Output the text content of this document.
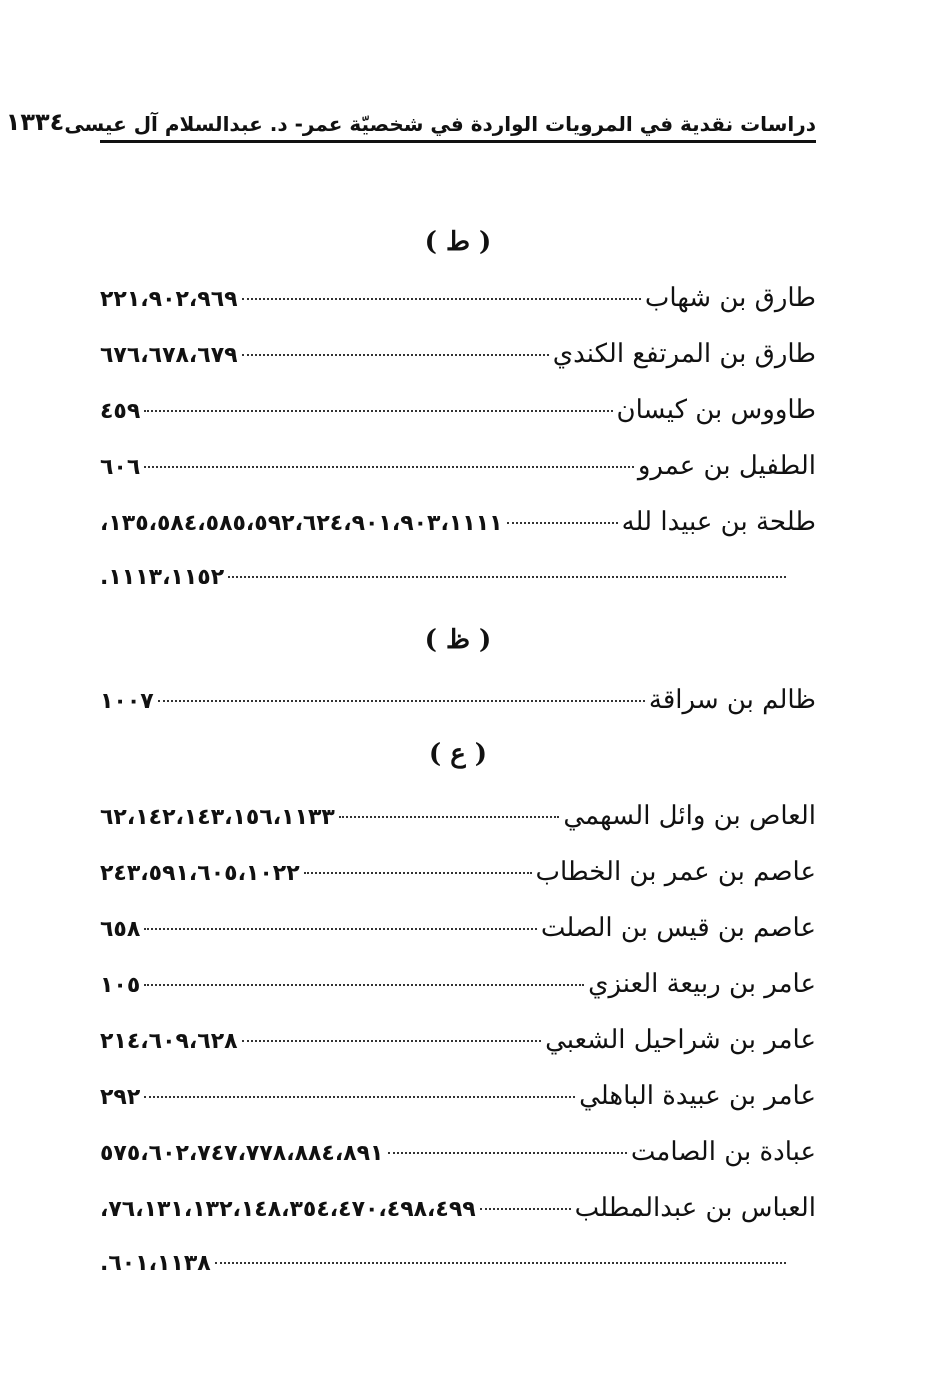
دراسات نقدية في المرويات الواردة في شخصيّة عمر- د. عبدالسلام آل عيسى
١٣٣٤
( ط )
طارق بن شهاب
٢٢١،٩٠٢،٩٦٩
طارق بن المرتفع الكندي
٦٧٦،٦٧٨،٦٧٩
طاووس بن كيسان
٤٥٩
الطفيل بن عمرو
٦٠٦
طلحة بن عبيدا لله
١٣٥،٥٨٤،٥٨٥،٥٩٢،٦٢٤،٩٠١،٩٠٣،١١١١،
١١١٣،١١٥٢.
( ظ )
ظالم بن سراقة
١٠٠٧
( ع )
العاص بن وائل السهمي
٦٢،١٤٢،١٤٣،١٥٦،١١٣٣
عاصم بن عمر بن الخطاب
٢٤٣،٥٩١،٦٠٥،١٠٢٢
عاصم بن قيس بن الصلت
٦٥٨
عامر بن ربيعة العنزي
١٠٥
عامر بن شراحيل الشعبي
٢١٤،٦٠٩،٦٢٨
عامر بن عبيدة الباهلي
٢٩٢
عبادة بن الصامت
٥٧٥،٦٠٢،٧٤٧،٧٧٨،٨٨٤،٨٩١
العباس بن عبدالمطلب
٧٦،١٣١،١٣٢،١٤٨،٣٥٤،٤٧٠،٤٩٨،٤٩٩،
٦٠١،١١٣٨.
